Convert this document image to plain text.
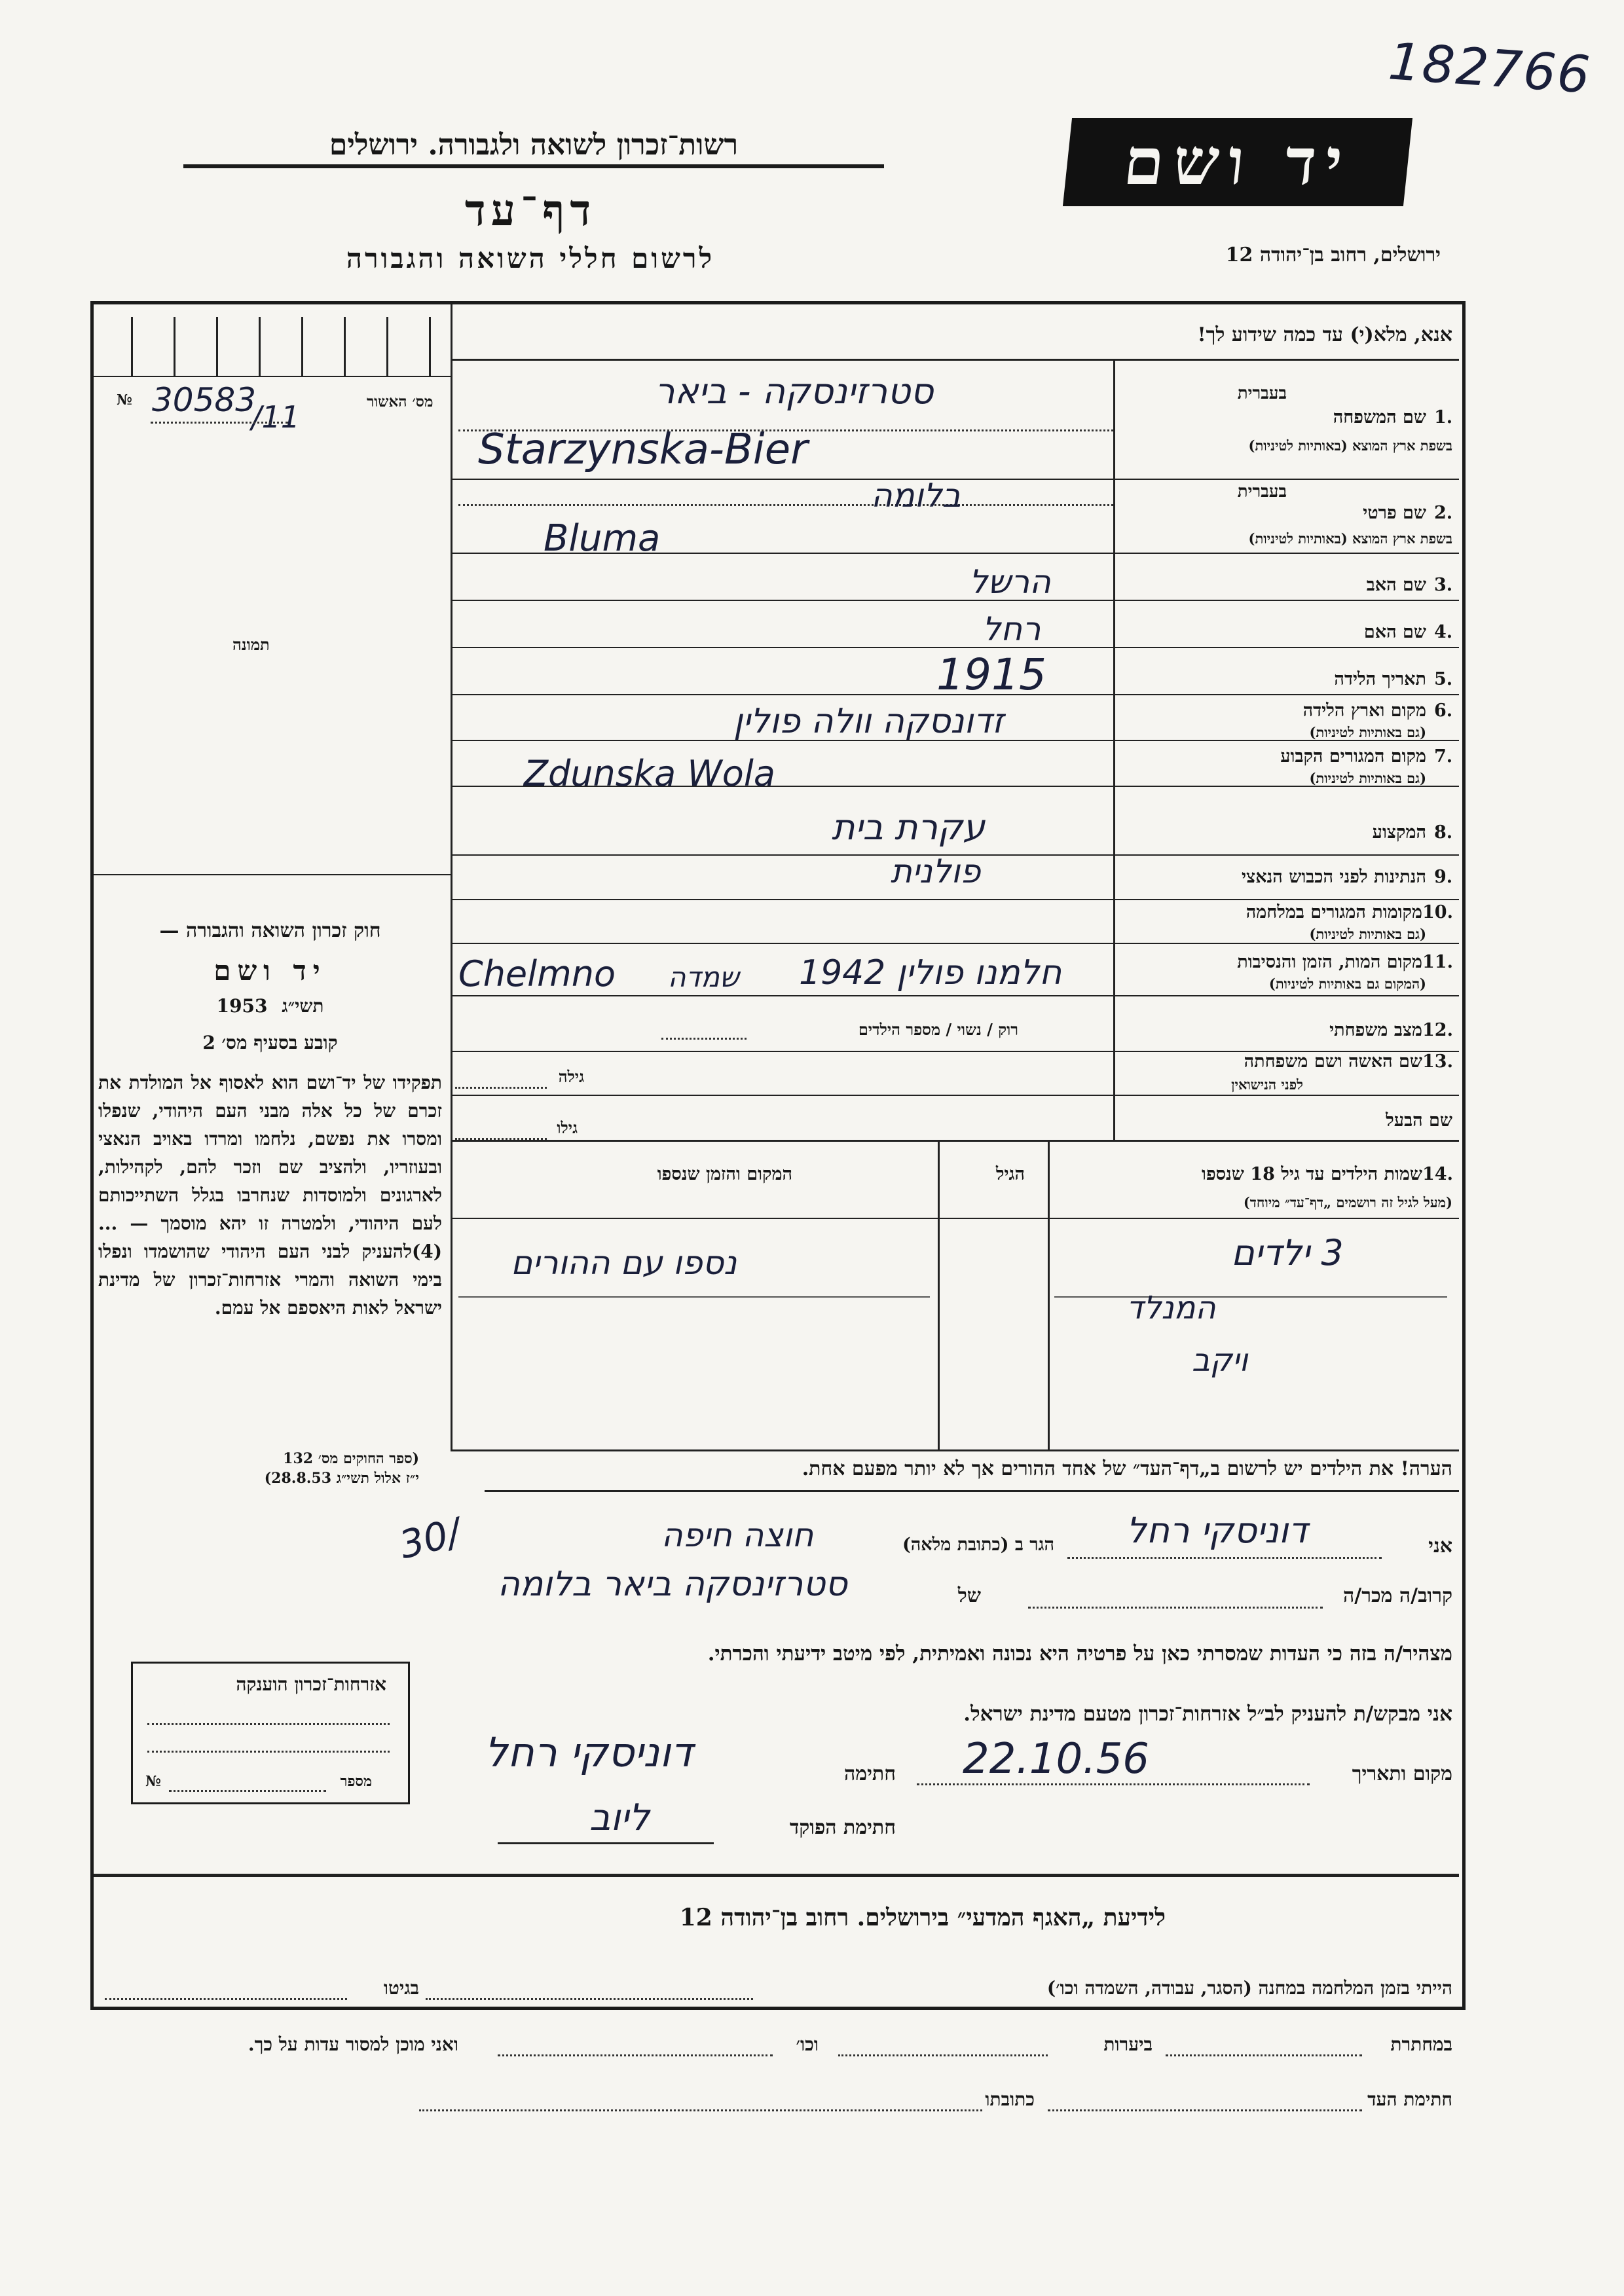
182766
רשות־זכרון לשואה ולגבורה. ירושלים
דף־עד
לרשום חללי השואה והגבורה
יד ושם
ירושלים, רחוב בן־יהודה 12
אנא, מלא(י) עד כמה שידוע לך!
מס׳ האשור
№ 30583
/11
תמונה
חוק זכרון השואה והגבורה —
יד ושם
1953 תשי״ג
קובע בסעיף מס׳ 2
תפקידו של יד־ושם הוא לאסוף אל המולדת את זכרם של כל אלה מבני העם היהודי, שנפלו ומסרו את נפשם, נלחמו ומרדו באויב הנאצי ובעוזריו, ולהציב שם וזכר להם, לקהילות, לארגונים ולמוסדות שנחרבו בגלל השתייכותם לעם היהודי, ולמטרה זו יהא מוסמך — ...(4)להעניק לבני העם היהודי שהושמדו ונפלו בימי השואה והמרי אזרחות־זכרון של מדינת ישראל לאות היאספם אל עמם.
(ספר החוקים מס׳ 132
י״ז אלול תשי״ג 28.8.53)
1.
שם המשפחה
בשפת ארץ המוצא (באותיות לטיניות)
בעברית
סטרזינסקה - ביאר
Starzynska-Bier
2.
שם פרטי
בשפת ארץ המוצא (באותיות לטיניות)
בעברית
בלומה
Bluma
3.
שם האב
הרשל
4.
שם האם
רחל
5.
תאריך הלידה
1915
6.
מקום וארץ הלידה
(גם באותיות לטיניות)
זדונסקה וולה פולין
Zdunska Wola	7.
מקום המגורים הקבוע
(גם באותיות לטיניות)
8.
המקצוע
עקרת בית
9.
הנתינות לפני הכבוש הנאצי
פולנית
10.
מקומות המגורים במלחמה
(גם באותיות לטיניות)
11.
מקום המות, הזמן והנסיבות
(המקום גם באותיות לטיניות)
Chelmno שמדה חלמנו פולין 1942
12.
מצב משפחתי
רוק / נשוי / מספר הילדים
13.
שם האשה ושם משפחתה
לפני הנישואין
גילה
שם הבעל
גילו
14.
שמות הילדים עד גיל 18 שנספו
(מעל לגיל זה רושמים „דף־עד״ מיוחד)
הגיל
המקום והזמן שנספו
3 ילדים
המנלד
ויקב
נספו עם ההורים
הערה! את הילדים יש לרשום ב„דף־העד״ של אחד ההורים אך לא יותר מפעם אחת.
אני
דוניסקי רחל
הגר ב (כתובת מלאה)
חוצה חיפה
30/
קרוב/ה מכר/ה
של
סטרזינסקה ביאר בלומה
מצהיר/ה בזה כי העדות שמסרתי כאן על פרטיה היא נכונה ואמיתית, לפי מיטב ידיעתי והכרתי.
אני מבקש/ת להעניק לב״ל אזרחות־זכרון מטעם מדינת ישראל.
מקום ותאריך
22.10.56
חתימה
דוניסקי רחל
חתימת הפוקד
ליוב
אזרחות־זכרון הוענקה
מספר
№
לידיעת „האגף המדעי״ בירושלים. רחוב בן־יהודה 12
הייתי בזמן המלחמה במחנה (הסגר, עבודה, השמדה וכו׳)
בגיטו
במחתרת
ביערות
וכו׳
ואני מוכן למסור עדות על כך.
חתימת העד
כתובתו
